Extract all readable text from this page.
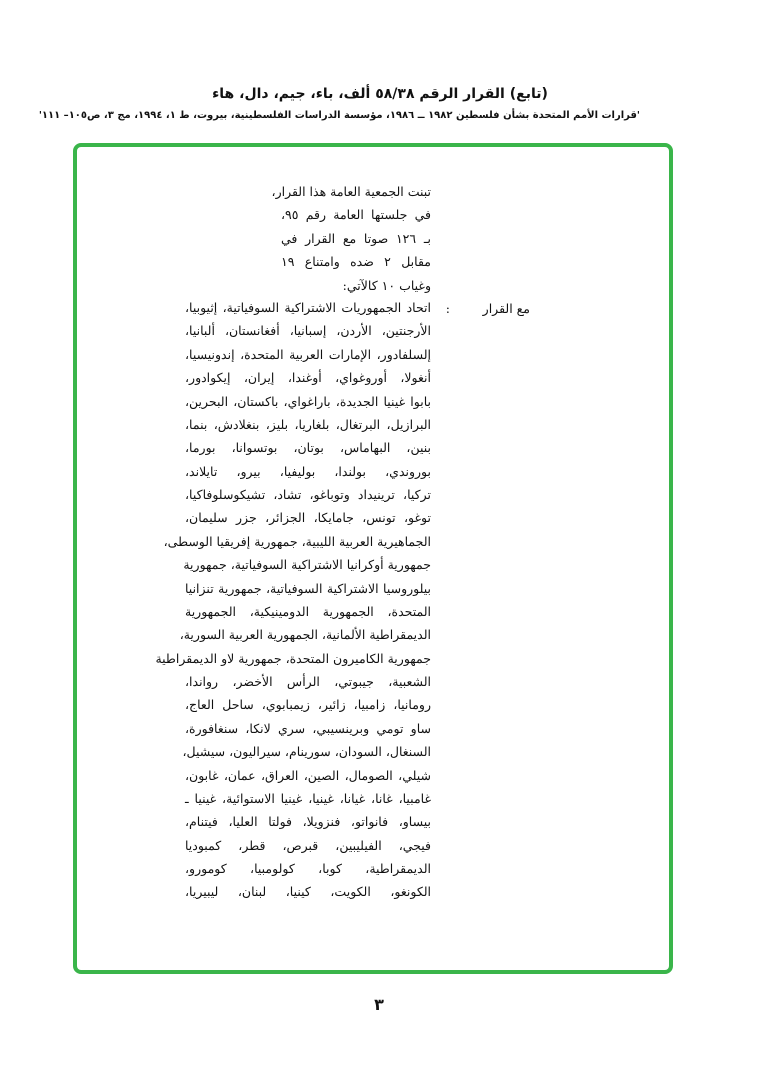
(تابع) القرار الرقم ٥٨/٣٨ ألف، باء، جيم، دال، هاء
'قرارات الأمم المتحدة بشأن فلسطين ١٩٨٢ ــ ١٩٨٦، مؤسسة الدراسات الفلسطينية، بيروت، ط ١، ١٩٩٤، مج ٣، ص١٠٥– ١١١'
تبنت الجمعية العامة هذا القرار،
في جلستها العامة رقم ٩٥،
بـ ١٢٦ صوتا مع القرار في
مقابل ٢ ضده وامتناع ١٩
وغياب ١٠ كالآتي:
مع القرار
:
اتحاد الجمهوريات الاشتراكية السوفياتية، إثيوبيا،
الأرجنتين، الأردن، إسبانيا، أفغانستان، ألبانيا،
إلسلفادور، الإمارات العربية المتحدة، إندونيسيا،
أنغولا، أوروغواي، أوغندا، إيران، إيكوادور،
بابوا غينيا الجديدة، باراغواي، باكستان، البحرين،
البرازيل، البرتغال، بلغاريا، بليز، بنغلادش، بنما،
بنين، البهاماس، بوتان، بوتسوانا، بورما،
بوروندي، بولندا، بوليفيا، بيرو، تايلاند،
تركيا، ترينيداد وتوباغو، تشاد، تشيكوسلوفاكيا،
توغو، تونس، جامايكا، الجزائر، جزر سليمان،
الجماهيرية العربية الليبية، جمهورية إفريقيا الوسطى،
جمهورية أوكرانيا الاشتراكية السوفياتية، جمهورية
بيلوروسيا الاشتراكية السوفياتية، جمهورية تنزانيا
المتحدة، الجمهورية الدومينيكية، الجمهورية
الديمقراطية الألمانية، الجمهورية العربية السورية،
جمهورية الكاميرون المتحدة، جمهورية لاو الديمقراطية
الشعبية، جيبوتي، الرأس الأخضر، رواندا،
رومانيا، زامبيا، زائير، زيمبابوي، ساحل العاج،
ساو تومي وبرينسيبي، سري لانكا، سنغافورة،
السنغال، السودان، سورينام، سيراليون، سيشيل،
شيلي، الصومال، الصين، العراق، عمان، غابون،
غامبيا، غانا، غيانا، غينيا، غينيا الاستوائية، غينيا ـ
بيساو، فانواتو، فنزويلا، فولتا العليا، فيتنام،
فيجي، الفيليبين، قبرص، قطر، كمبوديا
الديمقراطية، كوبا، كولومبيا، كومورو،
الكونغو، الكويت، كينيا، لبنان، ليبيريا،
٣
